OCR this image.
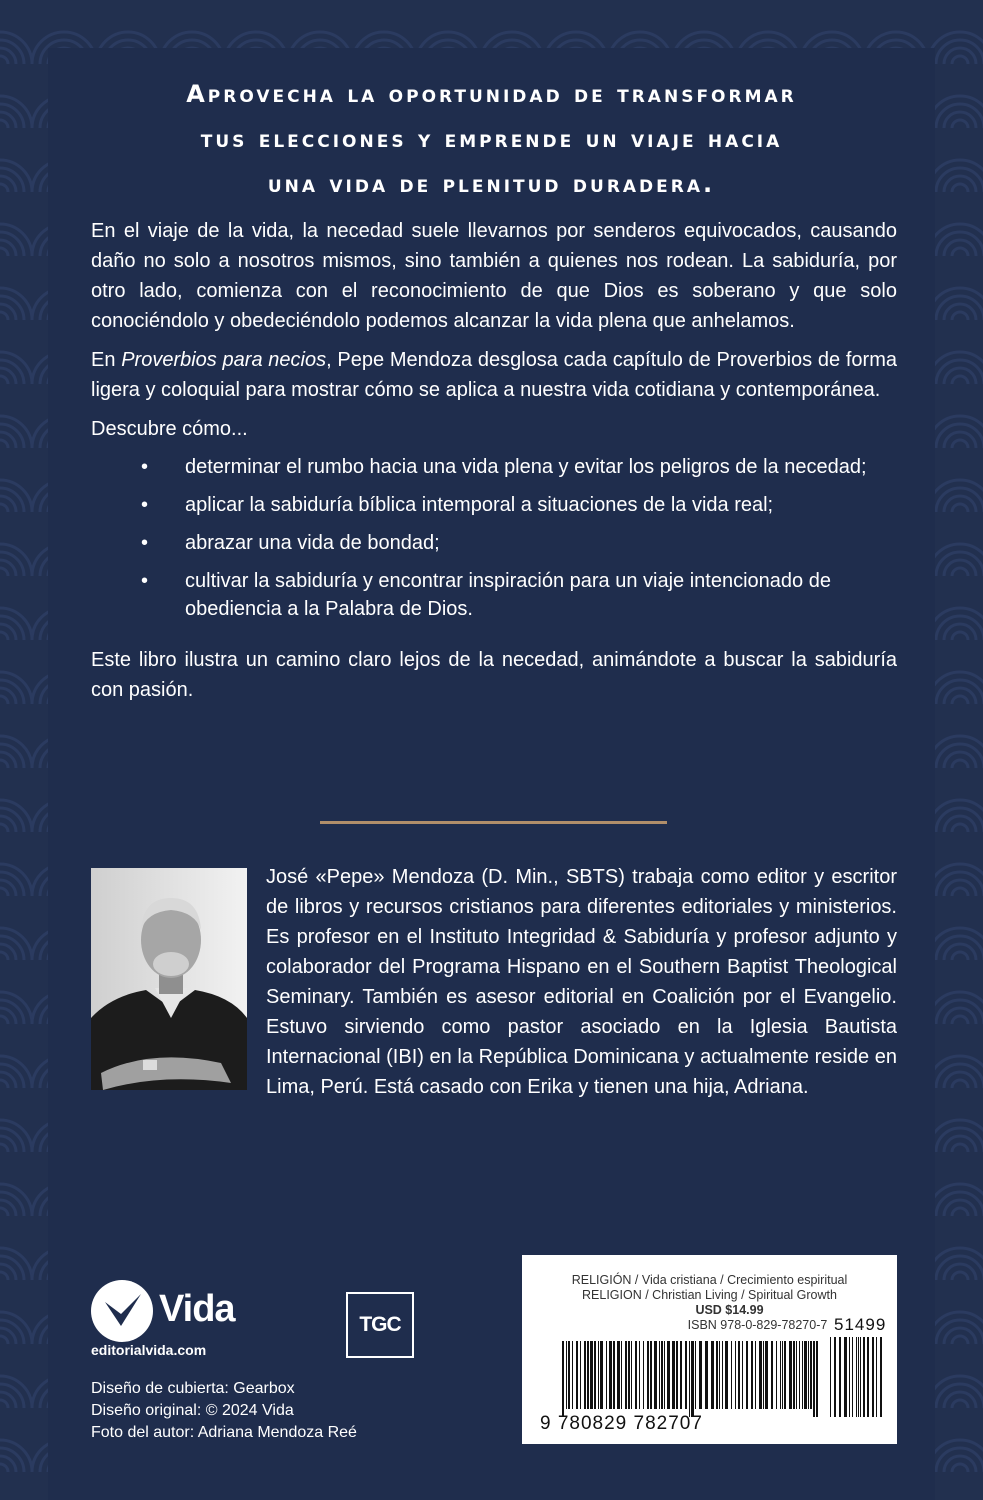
Aprovecha la oportunidad de transformar
tus elecciones y emprende un viaje hacia
una vida de plenitud duradera.

En el viaje de la vida, la necedad suele llevarnos por senderos equivocados, causando daño no solo a nosotros mismos, sino también a quienes nos rodean. La sabiduría, por otro lado, comienza con el reconocimiento de que Dios es soberano y que solo conociéndolo y obedeciéndolo podemos alcanzar la vida plena que anhelamos.

En Proverbios para necios, Pepe Mendoza desglosa cada capítulo de Proverbios de forma ligera y coloquial para mostrar cómo se aplica a nuestra vida cotidiana y contemporánea.

Descubre cómo...

• determinar el rumbo hacia una vida plena y evitar los peligros de la necedad;
• aplicar la sabiduría bíblica intemporal a situaciones de la vida real;
• abrazar una vida de bondad;
• cultivar la sabiduría y encontrar inspiración para un viaje intencionado de obediencia a la Palabra de Dios.

Este libro ilustra un camino claro lejos de la necedad, animándote a buscar la sabiduría con pasión.

José «Pepe» Mendoza (D. Min., SBTS) trabaja como editor y escritor de libros y recursos cristianos para diferentes editoriales y ministerios. Es profesor en el Instituto Integridad & Sabiduría y profesor adjunto y colaborador del Programa Hispano en el Southern Baptist Theological Seminary. También es asesor editorial en Coalición por el Evangelio. Estuvo sirviendo como pastor asociado en la Iglesia Bautista Internacional (IBI) en la República Dominicana y actualmente reside en Lima, Perú. Está casado con Erika y tienen una hija, Adriana.

Vida
editorialvida.com
TGC
Diseño de cubierta: Gearbox
Diseño original: © 2024 Vida
Foto del autor: Adriana Mendoza Reé
RELIGIÓN / Vida cristiana / Crecimiento espiritual
RELIGION / Christian Living / Spiritual Growth
USD $14.99
ISBN 978-0-829-78270-7 51499
9 780829 782707
